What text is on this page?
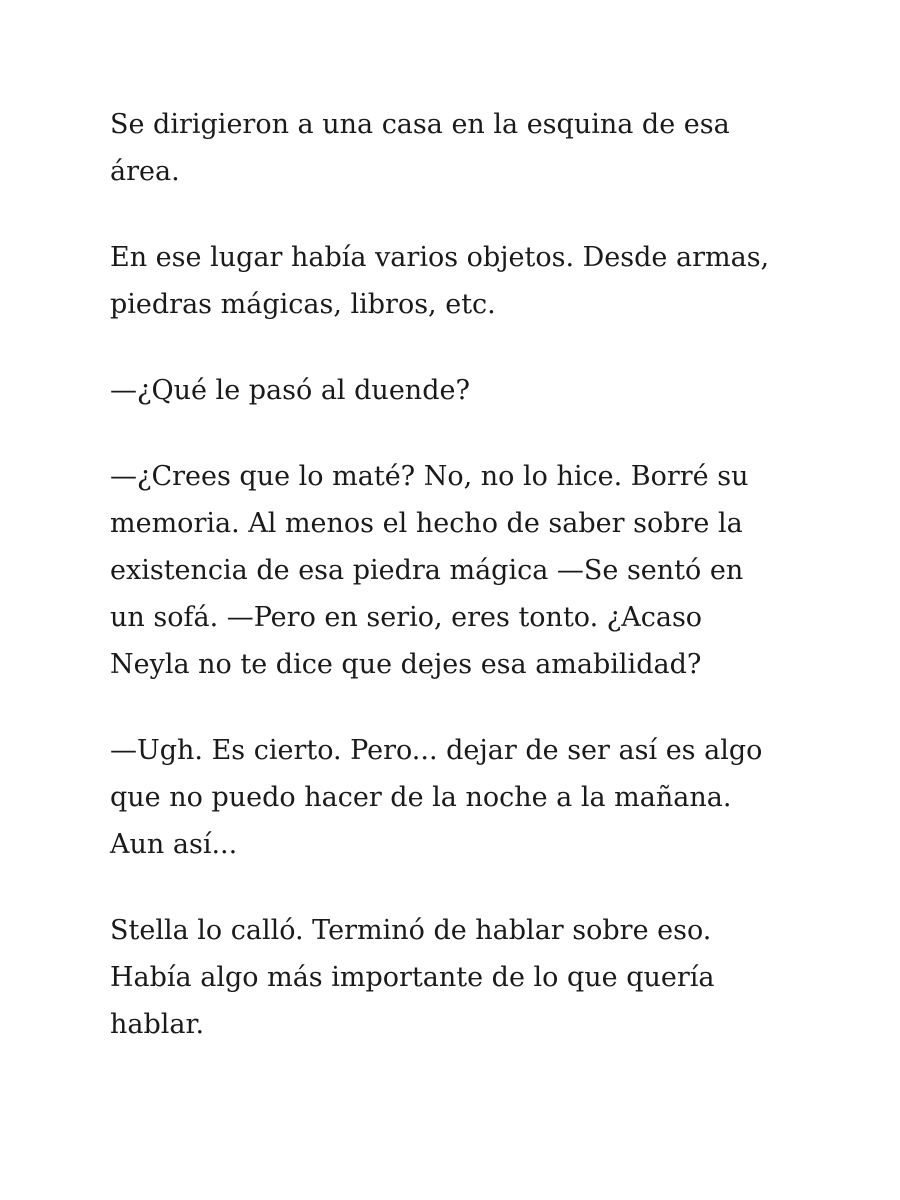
Se dirigieron a una casa en la esquina de esa
área.

En ese lugar había varios objetos. Desde armas,
piedras mágicas, libros, etc.

—¿Qué le pasó al duende?

—¿Crees que lo maté? No, no lo hice. Borré su
memoria. Al menos el hecho de saber sobre la
existencia de esa piedra mágica —Se sentó en
un sofá. —Pero en serio, eres tonto. ¿Acaso
Neyla no te dice que dejes esa amabilidad?

—Ugh. Es cierto. Pero... dejar de ser así es algo
que no puedo hacer de la noche a la mañana.
Aun así...

Stella lo calló. Terminó de hablar sobre eso.
Había algo más importante de lo que quería
hablar.
